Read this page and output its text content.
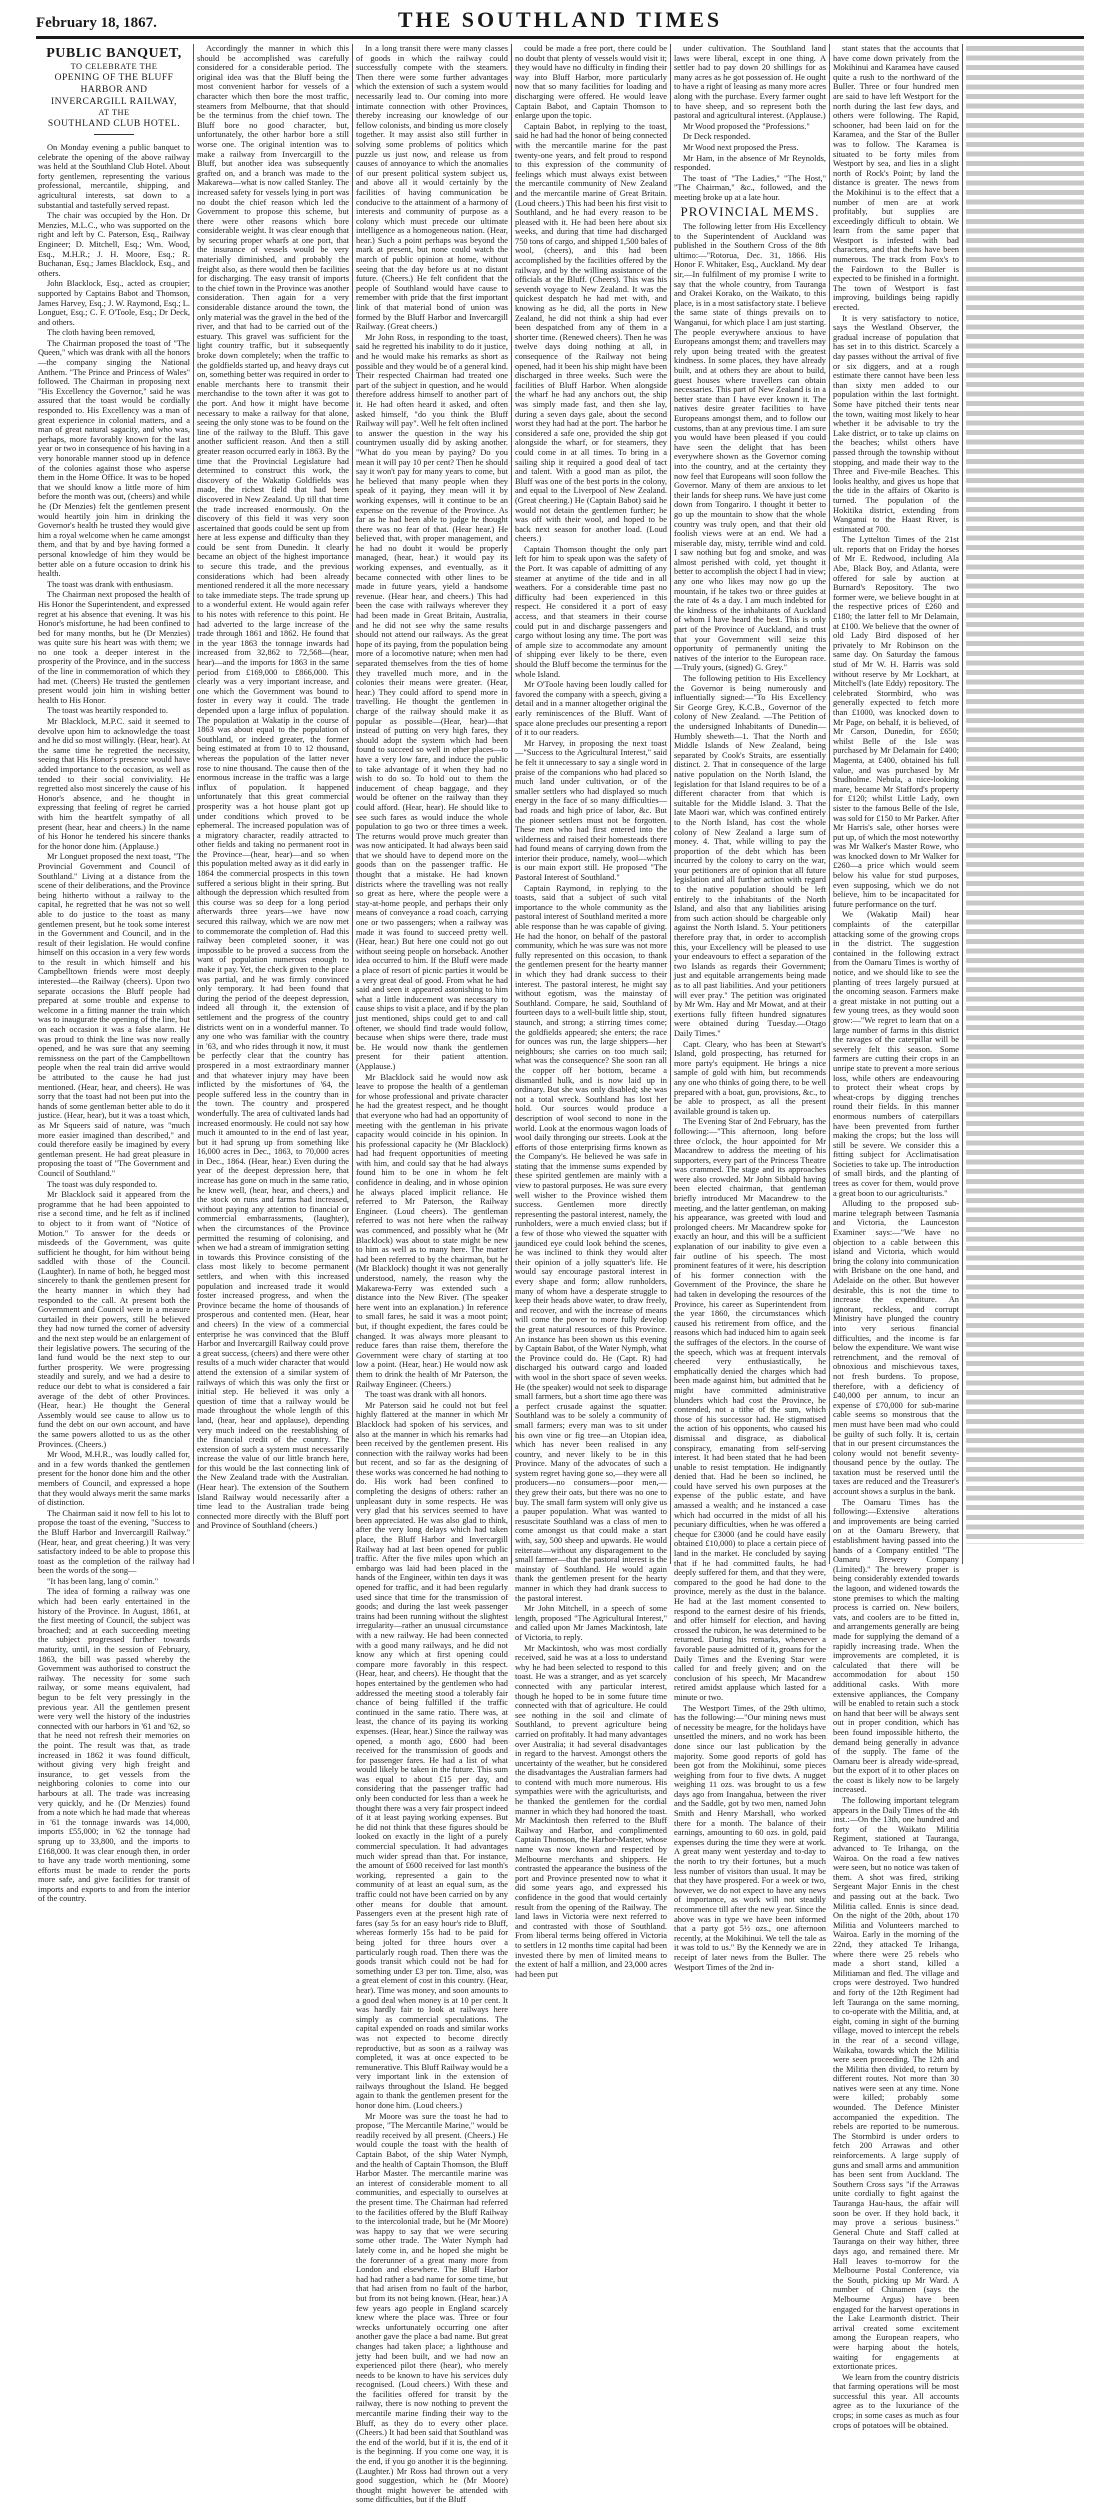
February 18, 1867.	THE SOUTHLAND TIMES
PUBLIC BANQUET,
TO CELEBRATE THE
OPENING OF THE BLUFF HARBOR AND
INVERCARGILL RAILWAY,
AT THE
SOUTHLAND CLUB HOTEL.

On Monday evening a public banquet to celebrate the opening of the above railway was held at the Southland Club Hotel. About forty gentlemen, representing the various professional, mercantile, shipping, and agricultural interests, sat down to a substantial and tastefully served repast.

The chair was occupied by the Hon. Dr Menzies, M.L.C., who was supported on the right and left by C. Paterson, Esq., Railway Engineer; D. Mitchell, Esq.; Wm. Wood, Esq., M.H.R.; J. H. Moore, Esq.; R. Buchanan, Esq.; James Blacklock, Esq., and others.

John Blacklock, Esq., acted as croupier; supported by Captains Babot and Thomson, James Harvey, Esq.; J. W. Raymond, Esq.; L. Longuet, Esq.; C. F. O'Toole, Esq.; Dr Deck, and others.

The cloth having been removed,

The Chairman proposed the toast of "The Queen," which was drank with all the honors—the company singing the National Anthem. "The Prince and Princess of Wales" followed. The Chairman in proposing next "His Excellency the Governor," said he was assured that the toast would be cordially responded to. His Excellency was a man of great experience in colonial matters, and a man of great natural sagacity, and who was, perhaps, more favorably known for the last year or two in consequence of his having in a very honorable manner stood up in defence of the colonies against those who asperse them in the Home Office. It was to be hoped that we should know a little more of him before the month was out, (cheers) and while he (Dr Menzies) felt the gentlemen present would heartily join him in drinking the Governor's health he trusted they would give him a royal welcome when he came amongst them, and that by and bye having formed a personal knowledge of him they would be better able on a future occasion to drink his health.

The toast was drank with enthusiasm.

The Chairman next proposed the health of His Honor the Superintendent, and expressed regret at his absence that evening. It was his Honor's misfortune, he had been confined to bed for many months, but he (Dr Menzies) was quite sure his heart was with them; we no one took a deeper interest in the prosperity of the Province, and in the success of the line in commemoration of which they had met. (Cheers) He trusted the gentlemen present would join him in wishing better health to His Honor.

The toast was heartily responded to.

Mr Blacklock, M.P.C. said it seemed to devolve upon him to acknowledge the toast and he did so most willingly. (Hear, hear). At the same time he regretted the necessity, seeing that His Honor's presence would have added importance to the occasion, as well as tended to their social conviviality. He regretted also most sincerely the cause of his Honor's absence, and he thought in expressing that feeling of regret he carried with him the heartfelt sympathy of all present (hear, hear and cheers.) In the name of his Honor he tendered his sincere thanks for the honor done him. (Applause.)

Mr Longuet proposed the next toast, "The Provincial Government and Council of Southland." Living at a distance from the scene of their deliberations, and the Province being hitherto without a railway to the capital, he regretted that he was not so well able to do justice to the toast as many gentlemen present, but he took some interest in the Government and Council, and in the result of their legislation. He would confine himself on this occasion in a very few words to the result in which himself and his Campbelltown friends were most deeply interested—the Railway (cheers). Upon two separate occasions the Bluff people had prepared at some trouble and expense to welcome in a fitting manner the train which was to inaugurate the opening of the line, but on each occasion it was a false alarm. He was proud to think the line was now really opened, and he was sure that any seeming remissness on the part of the Campbelltown people when the real train did arrive would be attributed to the cause he had just mentioned. (Hear, hear, and cheers). He was sorry that the toast had not been put into the hands of some gentleman better able to do it justice. (Hear, hear), but it was a toast which, as Mr Squeers said of nature, was "much more easier imagined than described," and could therefore easily be imagined by every gentleman present. He had great pleasure in proposing the toast of "The Government and Council of Southland."

The toast was duly responded to.

Mr Blacklock said it appeared from the programme that he had been appointed to rise a second time, and he felt as if inclined to object to it from want of "Notice of Motion." To answer for the deeds or misdeeds of the Government, was quite sufficient he thought, for him without being saddled with those of the Council. (Laughter). In name of both, he begged most sincerely to thank the gentlemen present for the hearty manner in which they had responded to the call. At present both the Government and Council were in a measure curtailed in their powers, still he believed they had now turned the corner of adversity and the next step would be an enlargement of their legislative powers. The securing of the land fund would be the next step to our further prosperity. We were progressing steadily and surely, and we had a desire to reduce our debt to what is considered a fair average of the debt of other Provinces. (Hear, hear.) He thought the General Assembly would see cause to allow us to fund the debt on our own account, and have the same powers allotted to us as the other Provinces. (Cheers.)

Mr Wood, M.H.R., was loudly called for, and in a few words thanked the gentlemen present for the honor done him and the other members of Council, and expressed a hope that they would always merit the same marks of distinction.

The Chairman said it now fell to his lot to propose the toast of the evening, "Success to the Bluff Harbor and Invercargill Railway." (Hear, hear, and great cheering.) It was very satisfactory indeed to be able to propose this toast as the completion of the railway had been the words of the song—

"It has been lang, lang o' comin."

The idea of forming a railway was one which had been early entertained in the history of the Province. In August, 1861, at the first meeting of Council, the subject was broached; and at each succeeding meeting the subject progressed further towards maturity, until, in the session of February, 1863, the bill was passed whereby the Government was authorised to construct the railway. The necessity for some such railway, or some means equivalent, had begun to be felt very pressingly in the previous year. All the gentlemen present were very well the history of the industries connected with our harbors in '61 and '62, so that he need not refresh their memories on the point. The result was that, as trade increased in 1862 it was found difficult, without giving very high freight and insurance, to get vessels from the neighboring colonies to come into our harbours at all. The trade was increasing very quickly, and he (Dr Menzies) found from a note which he had made that whereas in '61 the tonnage inwards was 14,000, imports £55,000; in '62 the tonnage had sprung up to 33,800, and the imports to £168,000. It was clear enough then, in order to have any trade worth mentioning, some efforts must be made to render the ports more safe, and give facilities for transit of imports and exports to and from the interior of the country.

Accordingly the manner in which this should be accomplished was carefully considered for a considerable period. The original idea was that the Bluff being the most convenient harbor for vessels of a character which then bore the most traffic, steamers from Melbourne, that that should be the terminus from the chief town. The Bluff bore no good character, but, unfortunately, the other harbor bore a still worse one. The original intention was to make a railway from Invercargill to the Bluff, but another idea was subsequently grafted on, and a branch was made to the Makarewa—what is now called Stanley. The increased safety for vessels lying in port was no doubt the chief reason which led the Government to propose this scheme, but there were other reasons which bore considerable weight. It was clear enough that by securing proper wharfs at one port, that the insurance of vessels would be very materially diminished, and probably the freight also, as there would then be facilities for discharging. The easy transit of imports to the chief town in the Province was another consideration. Then again for a very considerable distance around the town, the only material was the gravel in the bed of the river, and that had to be carried out of the estuary. This gravel was sufficient for the light country traffic, but it subsequently broke down completely; when the traffic to the goldfields started up, and heavy drays cut on, something better was required in order to enable merchants here to transmit their merchandise to the town after it was got to the port. And how it might have become necessary to make a railway for that alone, seeing the only stone was to be found on the line of the railway to the Bluff. This gave another sufficient reason. And then a still greater reason occurred early in 1863. By the time that the Provincial Legislature had determined to construct this work, the discovery of the Wakatip Goldfields was made, the richest field that had been discovered in New Zealand. Up till that time the trade increased enormously. On the discovery of this field it was very soon ascertained that goods could be sent up from here at less expense and difficulty than they could be sent from Dunedin. It clearly became an object of the highest importance to secure this trade, and the previous considerations which had been already mentioned rendered it all the more necessary to take immediate steps. The trade sprung up to a wonderful extent. He would again refer to his notes with reference to this point. He had adverted to the large increase of the trade through 1861 and 1862. He found that in the year 1863 the tonnage inwards had increased from 32,862 to 72,568—(hear, hear)—and the imports for 1863 in the same period from £169,000 to £866,000. This clearly was a very important increase, and one which the Government was bound to foster in every way it could. The trade depended upon a large influx of population. The population at Wakatip in the course of 1863 was about equal to the population of Southland, or indeed greater, the former being estimated at from 10 to 12 thousand, whereas the population of the latter never rose to nine thousand. The cause then of the enormous increase in the traffic was a large influx of population. It happened unfortunately that this great commercial prosperity was a hot house plant got up under conditions which proved to be ephemeral. The increased population was of a migratory character, readily attracted to other fields and taking no permanent root in the Province—(hear, hear)—and so when this population melted away as it did early in 1864 the commercial prospects in this town suffered a serious blight in their spring. But although the depression which resulted from this course was so deep for a long period afterwards three years—we have now secured this railway, which we are now met to commemorate the completion of. Had this railway been completed sooner, it was impossible to be proved a success from the want of population numerous enough to make it pay. Yet, the check given to the place was partial, and he was firmly convinced only temporary. It had been found that during the period of the deepest depression, indeed all through it, the extension of settlement and the progress of the country districts went on in a wonderful manner. To any one who was familiar with the country in '63, and who rides through it now, it must be perfectly clear that the country has prospered in a most extraordinary manner and that whatever injury may have been inflicted by the misfortunes of '64, the people suffered less in the country than in the town. The country and prospered wonderfully. The area of cultivated lands had increased enormously. He could not say how much it amounted to in the end of last year, but it had sprung up from something like 16,000 acres in Dec., 1863, to 70,000 acres in Dec., 1864. (Hear, hear.) Even during the year of the deepest depression here, that increase has gone on much in the same ratio, he knew well, (hear, hear, and cheers,) and the stock on runs and farms had increased, without paying any attention to financial or commercial embarrassments, (laughter), when the circumstances of the Province permitted the resuming of colonising, and when we had a stream of immigration setting in towards this Province consisting of the class most likely to become permanent settlers, and when with this increased population and increased trade it would foster increased progress, and when the Province became the home of thousands of prosperous and contented men. (Hear, hear and cheers) In the view of a commercial enterprise he was convinced that the Bluff Harbor and Invercargill Railway could prove a great success, (cheers) and there were other results of a much wider character that would attend the extension of a similar system of railways of which this was only the first or initial step. He believed it was only a question of time that a railway would be made throughout the whole length of this land, (hear, hear and applause), depending very much indeed on the reestablishing of the financial credit of the country. The extension of such a system must necessarily increase the value of our little branch here, for this would be the last connecting link of the New Zealand trade with the Australian. (Hear hear). The extension of the Southern Island Railway would necessarily after a time lead to the Australian trade being connected more directly with the Bluff port and Province of Southland (cheers.)

In a long transit there were many classes of goods in which the railway could successfully compete with the steamers. Then there were some further advantages which the extension of such a system would necessarily lead to. Our coming into more intimate connection with other Provinces, thereby increasing our knowledge of our fellow colonists, and binding us more closely together. It may assist also still further in solving some problems of politics which puzzle us just now, and release us from causes of annoyance to which the anomalies of our present political system subject us, and above all it would certainly by the facilities of having communication be conducive to the attainment of a harmony of interests and community of purpose as a colony which must precede our ultimate intelligence as a homogeneous nation. (Hear, hear.) Such a point perhaps was beyond the mark at present, but none could watch the march of public opinion at home, without seeing that the day before us at no distant future. (Cheers.) He felt confident that the people of Southland would have cause to remember with pride that the first important link of that material bond of union was formed by the Bluff Harbor and Invercargill Railway. (Great cheers.)

Mr John Ross, in responding to the toast, said he regretted his inability to do it justice, and he would make his remarks as short as possible and they would be of a general kind. Their respected Chairman had treated one part of the subject in question, and he would therefore address himself to another part of it. He had often heard it asked, and often asked himself, "do you think the Bluff Railway will pay". Well he felt often inclined to answer the question in the way his countrymen usually did by asking another. "What do you mean by paying? Do you mean it will pay 10 per cent? Then he should say it won't pay for many years to come, but he believed that many people when they speak of it paying, they mean will it by working expenses, will it continue to be an expense on the revenue of the Province. As far as he had been able to judge he thought there was no fear of that. (Hear hear.) He believed that, with proper management, and he had no doubt it would be properly managed, (hear, hear.) it would pay its working expenses, and eventually, as it became connected with other lines to be made in future years, yield a handsome revenue. (Hear hear, and cheers.) This had been the case with railways wherever they had been made in Great Britain, Australia, and he did not see why the same results should not attend our railways. As the great hope of its paying, from the population being more of a locomotive nature; when men had separated themselves from the ties of home they travelled much more, and in the colonies their means were greater. (Hear, hear.) They could afford to spend more in travelling. He thought the gentlemen in charge of the railway should make it as popular as possible—(Hear, hear)—that instead of putting on very high fares, they should adopt the system which had been found to succeed so well in other places—to have a very low fare, and induce the public to take advantage of it when they had no wish to do so. To hold out to them the inducement of cheap baggage, and they would be oftener on the railway than they could afford. (Hear, hear). He should like to see such fares as would induce the whole population to go two or three times a week. The returns would prove much greater than was now anticipated. It had always been said that we should have to depend more on the goods than on the passenger traffic. He thought that a mistake. He had known districts where the travelling was not really so great as here, where the people were a stay-at-home people, and perhaps their only means of conveyance a road coach, carrying one or two passengers; when a railway was made it was found to succeed pretty well. (Hear, hear.) But here one could not go out without seeing people on horseback. Another idea occurred to him. If the Bluff were made a place of resort of picnic parties it would be a very great deal of good. From what he had said and seen it appeared astonishing to him what a little inducement was necessary to cause ships to visit a place, and if by the plan just mentioned, ships could get to and call oftener, we should find trade would follow, because when ships were there, trade must be. He would now thank the gentlemen present for their patient attention. (Applause.)

Mr Blacklock said he would now ask leave to propose the health of a gentleman for whose professional and private character he had the greatest respect, and he thought that everyone who had had an opportunity of meeting with the gentleman in his private capacity would coincide in his opinion. In his professional capacity he (Mr Blacklock) had had frequent opportunities of meeting with him, and could say that he had always found him to be one in whom he felt confidence in dealing, and in whose opinion he always placed implicit reliance. He referred to Mr Paterson, the Railway Engineer. (Loud cheers). The gentleman referred to was not here when the railway was commenced, and possibly what he (Mr Blacklock) was about to state might be new to him as well as to many here. The matter had been referred to by the chairman, but he (Mr Blacklock) thought it was not generally understood, namely, the reason why the Makarewa-Ferry was extended such a distance into the New River. (The speaker here went into an explanation.) In reference to small fares, he said it was a moot point; but, if thought expedient, the fares could be changed. It was always more pleasant to reduce fares than raise them, therefore the Government were chary of starting at too low a point. (Hear, hear.) He would now ask them to drink the health of Mr Paterson, the Railway Engineer. (Cheers.)

The toast was drank with all honors.

Mr Paterson said he could not but feel highly flattered at the manner in which Mr Blacklock had spoken of his services, and also at the manner in which his remarks had been received by the gentlemen present. His connection with the railway works had been but recent, and so far as the designing of these works was concerned he had nothing to do. His work had been confined to completing the designs of others: rather an unpleasant duty in some respects. He was very glad that his services seemed to have been appreciated. He was also glad to think, after the very long delays which had taken place, the Bluff Harbor and Invercargill Railway had at last been opened for public traffic. After the five miles upon which an embargo was laid had been placed in the hands of the Engineer, within ten days it was opened for traffic, and it had been regularly used since that time for the transmission of goods; and during the last week passenger trains had been running without the slightest irregularity—rather an unusual circumstance with a new railway. He had been connected with a good many railways, and he did not know any which at first opening could compare more favorably in this respect. (Hear, hear, and cheers). He thought that the hopes entertained by the gentlemen who had addressed the meeting stood a tolerably fair chance of being fulfilled if the traffic continued in the same ratio. There was, at least, the chance of its paying its working expenses. (Hear, hear.) Since the railway was opened, a month ago, £600 had been received for the transmission of goods and for passenger fares. He had a list of what would likely be taken in the future. This sum was equal to about £15 per day, and considering that the passenger traffic had only been conducted for less than a week he thought there was a very fair prospect indeed of it at least paying working expenses. But he did not think that these figures should be looked on exactly in the light of a purely commercial speculation. It had advantages much wider spread than that. For instance, the amount of £600 received for last month's working, represented a gain to the community of at least an equal sum, as the traffic could not have been carried on by any other means for double that amount. Passengers even at the present high rate of fares (say 5s for an easy hour's ride to Bluff, whereas formerly 15s had to be paid for being jolted for three hours over a particularly rough road. Then there was the goods transit which could not be had for something under £3 per ton. Time, also, was a great element of cost in this country. (Hear, hear). Time was money, and soon amounts to a good deal when money is at 10 per cent. It was hardly fair to look at railways here simply as commercial speculations. The capital expended on roads and similar works was not expected to become directly reproductive, but as soon as a railway was completed, it was at once expected to be remunerative. This Bluff Railway would be a very important link in the extension of railways throughout the Island. He begged again to thank the gentlemen present for the honor done him. (Loud cheers.)

Mr Moore was sure the toast he had to propose, "The Mercantile Marine," would be readily received by all present. (Cheers.) He would couple the toast with the health of Captain Babot, of the ship Water Nymph, and the health of Captain Thomson, the Bluff Harbor Master. The mercantile marine was an interest of considerable moment to all communities, and especially to ourselves at the present time. The Chairman had referred to the facilities offered by the Bluff Railway to the intercolonial trade, but he (Mr Moore) was happy to say that we were securing some other trade. The Water Nymph had lately come in, and he hoped she might be the forerunner of a great many more from London and elsewhere. The Bluff Harbor had had rather a bad name for some time, but that had arisen from no fault of the harbor, but from its not being known. (Hear, hear.) A few years ago people in England scarcely knew where the place was. Three or four wrecks unfortunately occurring one after another gave the place a bad name. But great changes had taken place; a lighthouse and jetty had been built, and we had now an experienced pilot there (hear), who merely needs to be known to have his services duly recognised. (Loud cheers.) With these and the facilities offered for transit by the railway, there is now nothing to prevent the mercantile marine finding their way to the Bluff, as they do to every other place. (Cheers.) It had been said that Southland was the end of the world, but if it is, the end of it is the beginning. If you come one way, it is the end, if you go another it is the beginning. (Laughter.) Mr Ross had thrown out a very good suggestion, which he (Mr Moore) thought might however be attended with some difficulties, but if the Bluff

could be made a free port, there could be no doubt that plenty of vessels would visit it; they would have no difficulty in finding their way into Bluff Harbor, more particularly now that so many facilities for loading and discharging were offered. He would leave Captain Babot, and Captain Thomson to enlarge upon the topic.

Captain Babot, in replying to the toast, said he had had the honor of being connected with the mercantile marine for the past twenty-one years, and felt proud to respond to this expression of the community of feelings which must always exist between the mercantile community of New Zealand and the mercantile marine of Great Britain. (Loud cheers.) This had been his first visit to Southland, and he had every reason to be pleased with it. He had been here about six weeks, and during that time had discharged 750 tons of cargo, and shipped 1,500 bales of wool, (cheers), and this had been accomplished by the facilities offered by the railway, and by the willing assistance of the officials at the Bluff. (Cheers). This was his seventh voyage to New Zealand. It was the quickest despatch he had met with, and knowing as he did, all the ports in New Zealand, he did not think a ship had ever been despatched from any of them in a shorter time. (Renewed cheers). Then he was twelve days doing nothing at all, in consequence of the Railway not being opened, had it been his ship might have been discharged in three weeks. Such were the facilities of Bluff Harbor. When alongside the wharf he had any anchors out, the ship was simply made fast, and then she lay, during a seven days gale, about the second worst they had had at the port. The harbor he considered a safe one, provided the ship got alongside the wharf, or for steamers, they could come in at all times. To bring in a sailing ship it required a good deal of tact and talent. With a good man as pilot, the Bluff was one of the best ports in the colony, and equal to the Liverpool of New Zealand. (Great cheering.) He (Captain Babot) said he would not detain the gentlemen further; he was off with their wool, and hoped to be back next season for another load. (Loud cheers.)

Captain Thomson thought the only part left for him to speak upon was the safety of the Port. It was capable of admitting of any steamer at anytime of the tide and in all weathers. For a considerable time past no difficulty had been experienced in this respect. He considered it a port of easy access, and that steamers in their course could put in and discharge passengers and cargo without losing any time. The port was of ample size to accommodate any amount of shipping ever likely to be there, even should the Bluff become the terminus for the whole Island.

Mr O'Toole having been loudly called for favored the company with a speech, giving a detail and in a manner altogether original the early reminiscences of the Bluff. Want of space alone precludes our presenting a report of it to our readers.

Mr Harvey, in proposing the next toast—"Success to the Agricultural Interest," said he felt it unnecessary to say a single word in praise of the companions who had placed so much land under cultivation, or of the smaller settlers who had displayed so much energy in the face of so many difficulties—bad roads and high price of labor, &c. But the pioneer settlers must not be forgotten. These men who had first entered into the wilderness and raised their homesteads there had found means of carrying down from the interior their produce, namely, wool—which is our main export still. He proposed "The Pastoral Interest of Southland."

Captain Raymond, in replying to the toasts, said that a subject of such vital importance to the whole community as the pastoral interest of Southland merited a more able response than he was capable of giving. He had the honor, on behalf of the pastoral community, which he was sure was not more fully represented on this occasion, to thank the gentlemen present for the hearty manner in which they had drank success to their interest. The pastoral interest, he might say without egotism, was the mainstay of Southland. Compare, he said, Southland of fourteen days to a well-built little ship, stout, staunch, and strong; a stirring times come; the goldfields appeared; she enters; the race for ounces was run, the large shippers—her neighbours; she carries on too much sail; what was the consequence? She soon ran all the copper off her bottom, became a dismantled hulk, and is now laid up in ordinary. But she was only disabled; she was not a total wreck. Southland has lost her hold. Our sources would produce a description of wool second to none in the world. Look at the enormous wagon loads of wool daily thronging our streets. Look at the efforts of those enterprising firms known as the Company's. He believed he was safe in stating that the immense sums expended by these spirited gentlemen are mainly with a view to pastoral purposes. He was sure every well wisher to the Province wished them success. Gentlemen more directly representing the pastoral interest, namely, the runholders, were a much envied class; but if a few of those who viewed the squatter with jaundiced eye could look behind the scenes, he was inclined to think they would alter their opinion of a jolly squatter's life. He would say encourage pastoral interest in every shape and form; allow runholders, many of whom have a desperate struggle to keep their heads above water, to draw freely, and recover, and with the increase of means will come the power to more fully develop the great natural resources of this Province. An instance has been shown us this evening by Captain Babot, of the Water Nymph, what the Province could do. He (Capt. R) had discharged his outward cargo and loaded with wool in the short space of seven weeks. He (the speaker) would not seek to disparage small farmers, but a short time ago there was a perfect crusade against the squatter. Southland was to be solely a community of small farmers; every man was to sit under his own vine or fig tree—an Utopian idea, which has never been realised in any country, and never likely to be in this Province. Many of the advocates of such a system regret having gone so,—they were all producers—no consumers—poor men,—they grew their oats, but there was no one to buy. The small farm system will only give us a pauper population. What was wanted to resuscitate Southland was a class of men to come amongst us that could make a start with, say, 500 sheep and upwards. He would reiterate—without any disparagement to the small farmer—that the pastoral interest is the mainstay of Southland. He would again thank the gentlemen present for the hearty manner in which they had drank success to the pastoral interest.

Mr John Mitchell, in a speech of some length, proposed "The Agricultural Interest," and called upon Mr James Mackintosh, late of Victoria, to reply.

Mr Mackintosh, who was most cordially received, said he was at a loss to understand why he had been selected to respond to this toast. He was a stranger, and as yet scarcely connected with any particular interest, though he hoped to be in some future time connected with that of agriculture. He could see nothing in the soil and climate of Southland, to prevent agriculture being carried on profitably. It had many advantages over Australia; it had several disadvantages in regard to the harvest. Amongst others the uncertainty of the weather, but he considered the disadvantages the Australian farmers had to contend with much more numerous. His sympathies were with the agriculturists, and he thanked the gentlemen for the cordial manner in which they had honored the toast. Mr Mackintosh then referred to the Bluff Railway and Harbor, and complimented Captain Thomson, the Harbor-Master, whose name was now known and respected by Melbourne merchants and shippers. He contrasted the appearance the business of the port and Province presented now to what it did some years ago, and expressed his confidence in the good that would certainly result from the opening of the Railway. The land laws in Victoria were next referred to and contrasted with those of Southland. From liberal terms being offered in Victoria to settlers in 12 months time capital had been invested there by men of limited means to the extent of half a million, and 23,000 acres had been put

under cultivation. The Southland land laws were liberal, except in one thing. A settler had to pay down 20 shillings for as many acres as he got possession of. He ought to have a right of leasing as many more acres along with the purchase. Every farmer ought to have sheep, and so represent both the pastoral and agricultural interest. (Applause.)

Mr Wood proposed the "Professions."

Dr Deck responded.

Mr Wood next proposed the Press.

Mr Ham, in the absence of Mr Reynolds, responded.

The toast of "The Ladies," "The Host," "The Chairman," &c., followed, and the meeting broke up at a late hour.

PROVINCIAL MEMS.

The following letter from His Excellency to the Superintendent of Auckland was published in the Southern Cross of the 8th ultimo:—"Rotorua, Dec. 31, 1866. His Honor F. Whitaker, Esq., Auckland. My dear sir,—In fulfilment of my promise I write to say that the whole country, from Tauranga and Orakei Korako, on the Waikato, to this place, is in a most satisfactory state. I believe the same state of things prevails on to Wanganui, for which place I am just starting. The people everywhere anxious to have Europeans amongst them; and travellers may rely upon being treated with the greatest kindness. In some places, they have already built, and at others they are about to build, guest houses where travellers can obtain necessaries. This part of New Zealand is in a better state than I have ever known it. The natives desire greater facilities to have Europeans amongst them, and to follow our customs, than at any previous time. I am sure you would have been pleased if you could have seen the delight that has been everywhere shown as the Governor coming into the country, and at the certainty they now feel that Europeans will soon follow the Governor. Many of them are anxious to let their lands for sheep runs. We have just come down from Tongariro. I thought it better to go up the mountain to show that the whole country was truly open, and that their old foolish views were at an end. We had a miserable day, misty, terrible wind and cold. I saw nothing but fog and smoke, and was almost perished with cold, yet thought it better to accomplish the object I had in view; any one who likes may now go up the mountain, if he takes two or three guides at the rate of 4s a day. I am much indebted for the kindness of the inhabitants of Auckland of whom I have heard the best. This is only part of the Province of Auckland, and trust that your Government will seize this opportunity of permanently uniting the natives of the interior to the European race.—Truly yours, (signed) G. Grey."

The following petition to His Excellency the Governor is being numerously and influentially signed:—"To His Excellency Sir George Grey, K.C.B., Governor of the colony of New Zealand. —The Petition of the undersigned Inhabitants of Dunedin—Humbly sheweth—1. That the North and Middle Islands of New Zealand, being separated by Cook's Straits, are essentially distinct. 2. That in consequence of the large native population on the North Island, the legislation for that Island requires to be of a different character from that which is suitable for the Middle Island. 3. That the late Maori war, which was confined entirely to the North Island, has cost the whole colony of New Zealand a large sum of money. 4. That, while willing to pay the proportion of the debt which has been incurred by the colony to carry on the war, your petitioners are of opinion that all future legislation and all further action with regard to the native population should be left entirely to the inhabitants of the North Island, and also that any liabilities arising from such action should be chargeable only against the North Island. 5. Your petitioners therefore pray that, in order to accomplish this, your Excellency will be pleased to use your endeavours to effect a separation of the two Islands as regards their Government; just and equitable arrangements being made as to all past liabilities. And your petitioners will ever pray." The petition was originated by Mr Wm. Hay and Mr Mowat, and at their exertions fully fifteen hundred signatures were obtained during Tuesday.—Otago Daily Times."

Capt. Cleary, who has been at Stewart's Island, gold prospecting, has returned for more party's equipment. He brings a nice sample of gold with him, but recommends any one who thinks of going there, to be well prepared with a boat, gun, provisions, &c., to be able to prospect, as all the present available ground is taken up.

The Evening Star of 2nd February, has the following:—"This afternoon, long before three o'clock, the hour appointed for Mr Macandrew to address the meeting of his supporters, every part of the Princess Theatre was crammed. The stage and its approaches were also crowded. Mr John Sibbald having been elected chairman, that gentleman briefly introduced Mr Macandrew to the meeting, and the latter gentleman, on making his appearance, was greeted with loud and prolonged cheers. Mr Macandrew spoke for exactly an hour, and this will be a sufficient explanation of our inability to give even a fair outline of his speech. The most prominent features of it were, his description of his former connection with the Government of the Province, the share he had taken in developing the resources of the Province, his career as Superintendent from the year 1860, the circumstances which caused his retirement from office, and the reasons which had induced him to again seek the suffrages of the electors. In the course of the speech, which was at frequent intervals cheered very enthusiastically, he emphatically denied the charges which had been made against him, but admitted that he might have committed administrative blunders which had cost the Province, he contended, not a tithe of the sum, which those of his successor had. He stigmatised the action of his opponents, who caused his dismissal and disgrace, as diabolical conspiracy, emanating from self-serving interest. It had been stated that he had been unable to resist temptation. He indignantly denied that. Had he been so inclined, he could have served his own purposes at the expense of the public estate, and have amassed a wealth; and he instanced a case which had occurred in the midst of all his pecuniary difficulties, when he was offered a cheque for £3000 (and he could have easily obtained £10,000) to place a certain piece of land in the market. He concluded by saying that if he had committed faults, he had deeply suffered for them, and that they were, compared to the good he had done to the province, merely as the dust in the balance. He had at the last moment consented to respond to the earnest desire of his friends, and offer himself for election, and having crossed the rubicon, he was determined to be returned. During his remarks, whenever a favorable pause admitted of it, groans for the Daily Times and the Evening Star were called for and freely given; and on the conclusion of his speech, Mr Macandrew retired amidst applause which lasted for a minute or two.

The Westport Times, of the 29th ultimo, has the following:—"Our mining news must of necessity be meagre, for the holidays have unsettled the miners, and no work has been done since our last publication by the majority. Some good reports of gold has been got from the Mokihinui, some pieces weighing from four to five dwts. A nugget weighing 11 ozs. was brought to us a few days ago from Inangahua, between the river and the Saddle, got by two men, named John Smith and Henry Marshall, who worked there for a month. The balance of their earnings, amounting to 60 ozs. in gold, paid expenses during the time they were at work. A great many went yesterday and to-day to the north to try their fortunes, but a much less number of visitors than usual. It may be that they have prospered. For a week or two, however, we do not expect to have any news of importance, as work will not steadily recommence till after the new year. Since the above was in type we have been informed that a party got 5½ ozs., one afternoon recently, at the Mokihinui. We tell the tale as it was told to us." By the Kennedy we are in receipt of later news from the Buller. The Westport Times of the 2nd in-

stant states that the accounts that have come down privately from the Mokihinui and Karamea have caused quite a rush to the northward of the Buller. Three or four hundred men are said to have left Westport for the north during the last few days, and others were following. The Rapid, schooner, had been laid on for the Karamea, and the Star of the Buller was to follow. The Karamea is situated to be forty miles from Westport by sea, and lies in a slight north of Rock's Point; by land the distance is greater. The news from the Mokihinui is to the effect that a number of men are at work profitably, but supplies are exceedingly difficult to obtain. We learn from the same paper that Westport is infested with bad characters, and that thefts have been numerous. The track from Fox's to the Fairdown to the Buller is expected to be finished in a fortnight. The town of Westport is fast improving, buildings being rapidly erected.

It is very satisfactory to notice, says the Westland Observer, the gradual increase of population that has set in to this district. Scarcely a day passes without the arrival of five or six diggers, and at a rough estimate there cannot have been less than sixty men added to our population within the last fortnight. Some have pitched their tents near the town, waiting most likely to hear whether it be advisable to try the Lake district, or to take up claims on the beaches; whilst others have passed through the township without stopping, and made their way to the Three and Five-mile Beaches. This looks healthy, and gives us hope that the tide in the affairs of Okarito is turned. The population of the Hokitika district, extending from Wanganui to the Haast River, is estimated at 700.

The Lyttelton Times of the 21st ult. reports that on Friday the horses of Mr E. Redwood, including Ala Abe, Black Boy, and Atlanta, were offered for sale by auction at Burnard's Repository. The two former were, we believe bought in at the respective prices of £260 and £180; the latter fell to Mr Delamain, at £100. We believe that the owner of old Lady Bird disposed of her privately to Mr Robinson on the same day. On Saturday the famous stud of Mr W. H. Harris was sold without reserve by Mr Lockhart, at Mitchell's (late Eddy) repository. The celebrated Stormbird, who was generally expected to fetch more than £1000, was knocked down to Mr Page, on behalf, it is believed, of Mr Carson, Dunedin, for £650; whilst Belle of the Isle was purchased by Mr Delamain for £400; Magenta, at £400, obtained his full value, and was purchased by Mr Studholme. Nebula, a nice-looking mare, became Mr Stafford's property for £120; whilst Little Lady, own sister to the famous Belle of the Isle, was sold for £150 to Mr Parker. After Mr Harris's sale, other horses were put up, of which the most noteworthy was Mr Walker's Master Rowe, who was knocked down to Mr Walker for £260—a price which would seem below his value for stud purposes, even supposing, which we do not believe, him to be incapacitated for future performance on the turf.

We (Wakatip Mail) hear complaints of the caterpillar attacking some of the growing crops in the district. The suggestion contained in the following extract from the Oamaru Times is worthy of notice, and we should like to see the planting of trees largely pursued at the oncoming season. Farmers make a great mistake in not putting out a few young trees, as they would soon grow:—"We regret to learn that on a large number of farms in this district the ravages of the caterpillar will be severely felt this season. Some farmers are cutting their crops in an unripe state to prevent a more serious loss, while others are endeavouring to protect their wheat crops by wheat-crops by digging trenches round their fields. In this manner enormous numbers of caterpillars have been prevented from further making the crops; but the loss will still be severe. We consider this a fitting subject for Acclimatisation Societies to take up. The introduction of small birds, and the planting of trees as cover for them, would prove a great boon to our agriculturists."

Alluding to the proposed sub-marine telegraph between Tasmania and Victoria, the Launceston Examiner says:—"We have no objection to a cable between this island and Victoria, which would bring the colony into communication with Brisbane on the one hand, and Adelaide on the other. But however desirable, this is not the time to increase the expenditure. An ignorant, reckless, and corrupt Ministry have plunged the country into very serious financial difficulties, and the income is far below the expenditure. We want wise retrenchment, and the removal of obnoxious and mischievous taxes, not fresh burdens. To propose, therefore, with a deficiency of £40,000 per annum, to incur an expense of £70,000 for sub-marine cable seems so monstrous that the men must have been mad who could be guilty of such folly. It is, certain that in our present circumstances the colony would not benefit seventy-thousand pence by the outlay. The taxation must be reserved until the taxes are reduced and the Treasurer's account shows a surplus in the bank.

The Oamaru Times has the following:—Extensive alterations and improvements are being carried on at the Oamaru Brewery, that establishment having passed into the hands of a Company entitled "The Oamaru Brewery Company (Limited)." The brewery proper is being considerably extended towards the lagoon, and widened towards the stone premises to which the malting process is carried on. New boilers, vats, and coolers are to be fitted in, and arrangements generally are being made for supplying the demand of a rapidly increasing trade. When the improvements are completed, it is calculated that there will be accommodation for about 150 additional casks. With more extensive appliances, the Company will be enabled to retain such a stock on hand that beer will be always sent out in proper condition, which has been found impossible hitherto, the demand being generally in advance of the supply. The fame of the Oamaru beer is already wide-spread, but the export of it to other places on the coast is likely now to be largely increased.

The following important telegram appears in the Daily Times of the 4th inst.:—On the 13th, one hundred and forty of the Waikato Militia Regiment, stationed at Tauranga, advanced to Te Irihanga, on the Wairoa. On the road a few natives were seen, but no notice was taken of them. A shot was fired, striking Sergeant Major Ennis in the chest and passing out at the back. Two Militia called. Ennis is since dead. On the night of the 20th, about 170 Militia and Volunteers marched to Wairoa. Early in the morning of the 22nd, they attacked Te Irihanga, where there were 25 rebels who made a short stand, killed a Militiaman and fled. The village and crops were destroyed. Two hundred and forty of the 12th Regiment had left Tauranga on the same morning, to co-operate with the Militia, and, at eight, coming in sight of the burning village, moved to intercept the rebels in the rear of a second village, Waikaha, towards which the Militia were seen proceeding. The 12th and the Militia then divided, to return by different routes. Not more than 30 natives were seen at any time. None were killed; probably some wounded. The Defence Minister accompanied the expedition. The rebels are reported to be numerous. The Stormbird is under orders to fetch 200 Arrawas and other reinforcements. A large supply of guns and small arms and ammunition has been sent from Auckland. The Southern Cross says "if the Arrawas unite cordially to fight against the Tauranga Hau-haus, the affair will soon be over. If they hold back, it may prove a serious business." General Chute and Staff called at Tauranga on their way hither, three days ago, and remained there. Mr Hall leaves to-morrow for the Melbourne Postal Conference, via the South, picking up Mr Ward. A number of Chinamen (says the Melbourne Argus) have been engaged for the harvest operations in the Lake Learmonth district. Their arrival created some excitement among the European reapers, who were harping about the hotels, waiting for engagements at extortionate prices.

We learn from the country districts that farming operations will be most successful this year. All accounts agree as to the luxuriance of the crops; in some cases as much as four crops of potatoes will be obtained.
